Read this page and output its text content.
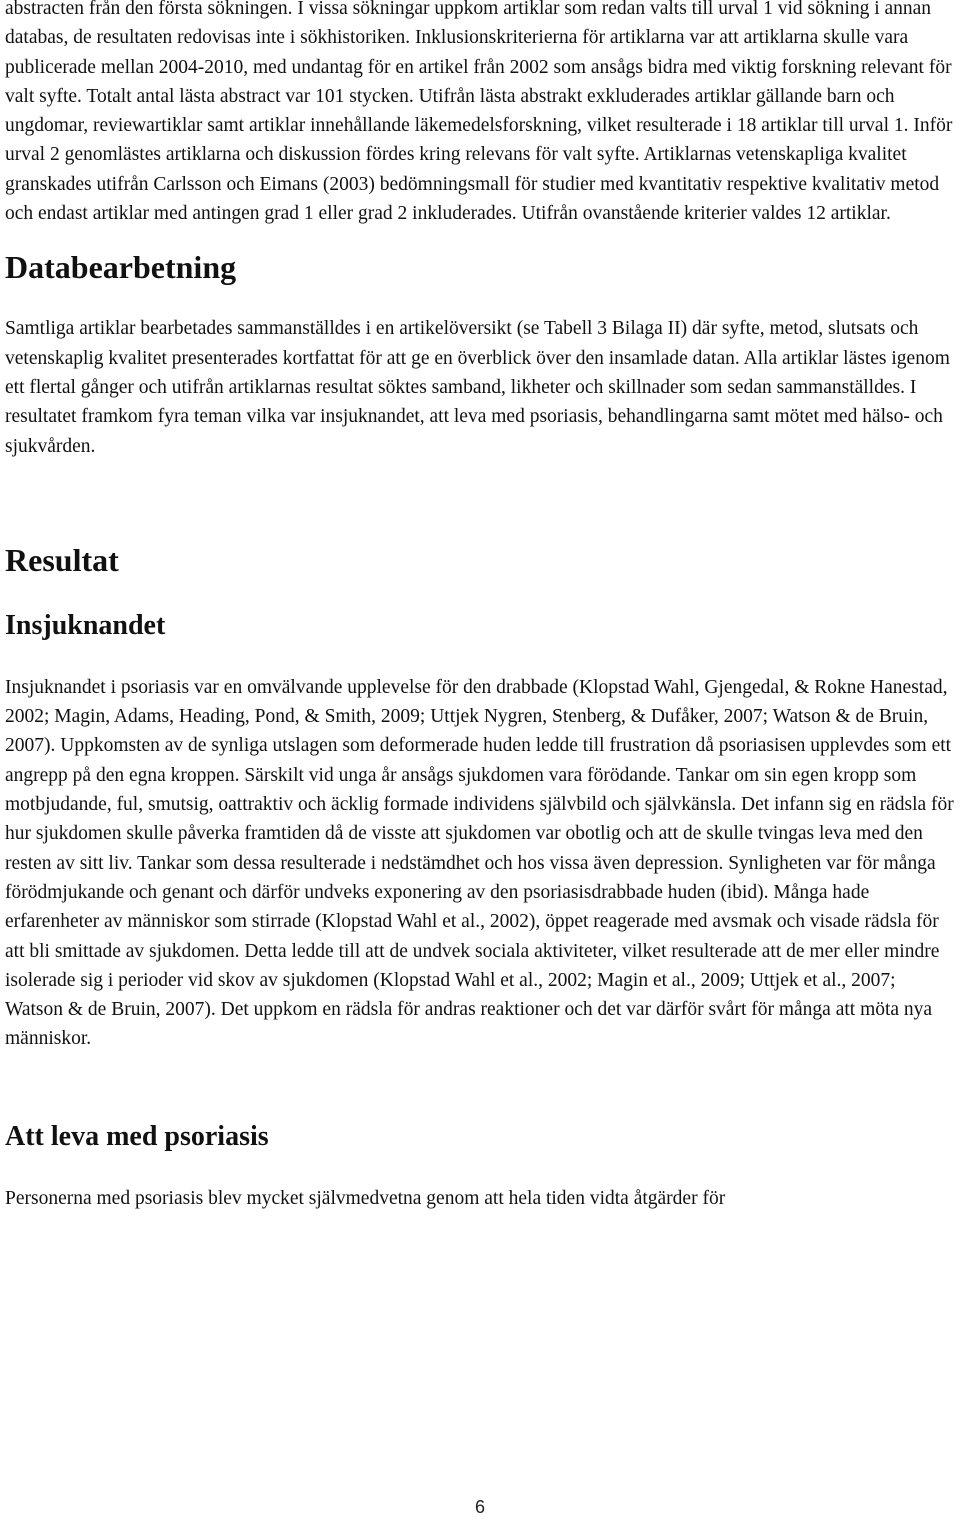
abstracten från den första sökningen. I vissa sökningar uppkom artiklar som redan valts till urval 1 vid sökning i annan databas, de resultaten redovisas inte i sökhistoriken. Inklusionskriterierna för artiklarna var att artiklarna skulle vara publicerade mellan 2004-2010, med undantag för en artikel från 2002 som ansågs bidra med viktig forskning relevant för valt syfte. Totalt antal lästa abstract var 101 stycken. Utifrån lästa abstrakt exkluderades artiklar gällande barn och ungdomar, reviewartiklar samt artiklar innehållande läkemedelsforskning, vilket resulterade i 18 artiklar till urval 1. Inför urval 2 genomlästes artiklarna och diskussion fördes kring relevans för valt syfte. Artiklarnas vetenskapliga kvalitet granskades utifrån Carlsson och Eimans (2003) bedömningsmall för studier med kvantitativ respektive kvalitativ metod och endast artiklar med antingen grad 1 eller grad 2 inkluderades. Utifrån ovanstående kriterier valdes 12 artiklar.

Databearbetning

Samtliga artiklar bearbetades sammanställdes i en artikelöversikt (se Tabell 3 Bilaga II) där syfte, metod, slutsats och vetenskaplig kvalitet presenterades kortfattat för att ge en överblick över den insamlade datan. Alla artiklar lästes igenom ett flertal gånger och utifrån artiklarnas resultat söktes samband, likheter och skillnader som sedan sammanställdes. I resultatet framkom fyra teman vilka var insjuknandet, att leva med psoriasis, behandlingarna samt mötet med hälso- och sjukvården.

Resultat
Insjuknandet

Insjuknandet i psoriasis var en omvälvande upplevelse för den drabbade (Klopstad Wahl, Gjengedal, & Rokne Hanestad, 2002; Magin, Adams, Heading, Pond, & Smith, 2009; Uttjek Nygren, Stenberg, & Dufåker, 2007; Watson & de Bruin, 2007). Uppkomsten av de synliga utslagen som deformerade huden ledde till frustration då psoriasisen upplevdes som ett angrepp på den egna kroppen. Särskilt vid unga år ansågs sjukdomen vara förödande. Tankar om sin egen kropp som motbjudande, ful, smutsig, oattraktiv och äcklig formade individens självbild och självkänsla. Det infann sig en rädsla för hur sjukdomen skulle påverka framtiden då de visste att sjukdomen var obotlig och att de skulle tvingas leva med den resten av sitt liv. Tankar som dessa resulterade i nedstämdhet och hos vissa även depression. Synligheten var för många förödmjukande och genant och därför undveks exponering av den psoriasisdrabbade huden (ibid). Många hade erfarenheter av människor som stirrade (Klopstad Wahl et al., 2002), öppet reagerade med avsmak och visade rädsla för att bli smittade av sjukdomen. Detta ledde till att de undvek sociala aktiviteter, vilket resulterade att de mer eller mindre isolerade sig i perioder vid skov av sjukdomen (Klopstad Wahl et al., 2002; Magin et al., 2009; Uttjek et al., 2007; Watson & de Bruin, 2007). Det uppkom en rädsla för andras reaktioner och det var därför svårt för många att möta nya människor.

Att leva med psoriasis

Personerna med psoriasis blev mycket självmedvetna genom att hela tiden vidta åtgärder för

6
